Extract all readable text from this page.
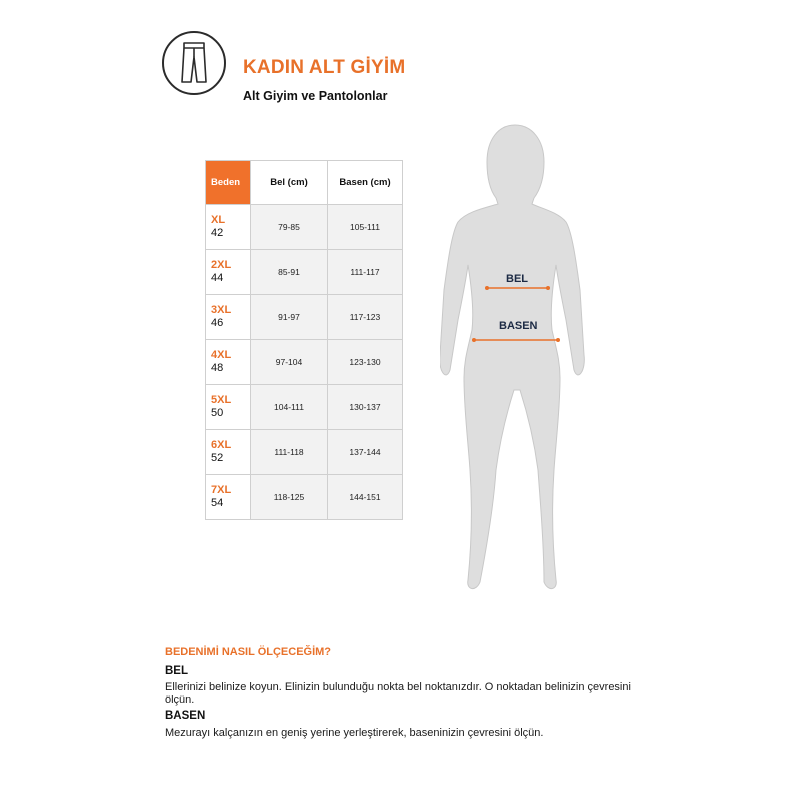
KADIN ALT GİYİM
Alt Giyim ve Pantolonlar
Beden	Bel (cm)	Basen (cm)

XL
42	79-85	105-111

2XL
44	85-91	111-117

3XL
46	91-97	117-123

4XL
48	97-104	123-130

5XL
50	104-111	130-137

6XL
52	111-118	137-144

7XL
54	118-125	144-151
BEL
BASEN
BEDENİMİ NASIL ÖLÇECEĞİM?
BEL
Ellerinizi belinize koyun. Elinizin bulunduğu nokta bel noktanızdır. O noktadan belinizin çevresini ölçün.
BASEN
Mezurayı kalçanızın en geniş yerine yerleştirerek, baseninizin çevresini ölçün.
